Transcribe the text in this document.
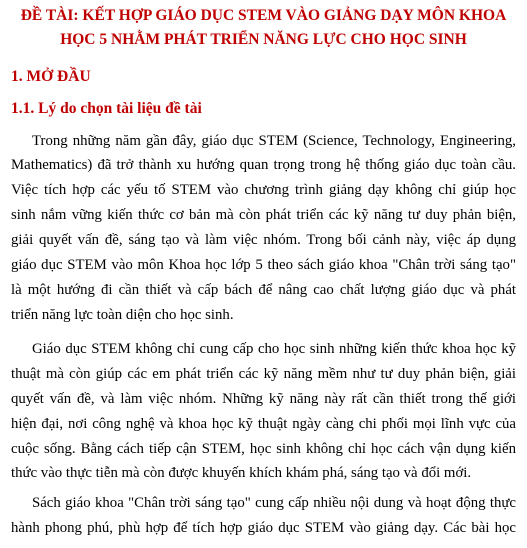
ĐỀ TÀI: KẾT HỢP GIÁO DỤC STEM VÀO GIẢNG DẠY MÔN KHOA
HỌC 5 NHẰM PHÁT TRIỂN NĂNG LỰC CHO HỌC SINH
1. MỞ ĐẦU
1.1. Lý do chọn tài liệu đề tài
Trong những năm gần đây, giáo dục STEM (Science, Technology, Engineering,
Mathematics) đã trở thành xu hướng quan trọng trong hệ thống giáo dục toàn cầu.
Việc tích hợp các yếu tố STEM vào chương trình giảng dạy không chỉ giúp học
sinh nắm vững kiến thức cơ bản mà còn phát triển các kỹ năng tư duy phản biện,
giải quyết vấn đề, sáng tạo và làm việc nhóm. Trong bối cảnh này, việc áp dụng
giáo dục STEM vào môn Khoa học lớp 5 theo sách giáo khoa "Chân trời sáng tạo"
là một hướng đi cần thiết và cấp bách để nâng cao chất lượng giáo dục và phát
triển năng lực toàn diện cho học sinh.
Giáo dục STEM không chỉ cung cấp cho học sinh những kiến thức khoa học kỹ
thuật mà còn giúp các em phát triển các kỹ năng mềm như tư duy phản biện, giải
quyết vấn đề, và làm việc nhóm. Những kỹ năng này rất cần thiết trong thế giới
hiện đại, nơi công nghệ và khoa học kỹ thuật ngày càng chi phối mọi lĩnh vực của
cuộc sống. Bằng cách tiếp cận STEM, học sinh không chỉ học cách vận dụng kiến
thức vào thực tiễn mà còn được khuyến khích khám phá, sáng tạo và đổi mới.
Sách giáo khoa "Chân trời sáng tạo" cung cấp nhiều nội dung và hoạt động thực
hành phong phú, phù hợp để tích hợp giáo dục STEM vào giảng dạy. Các bài học
